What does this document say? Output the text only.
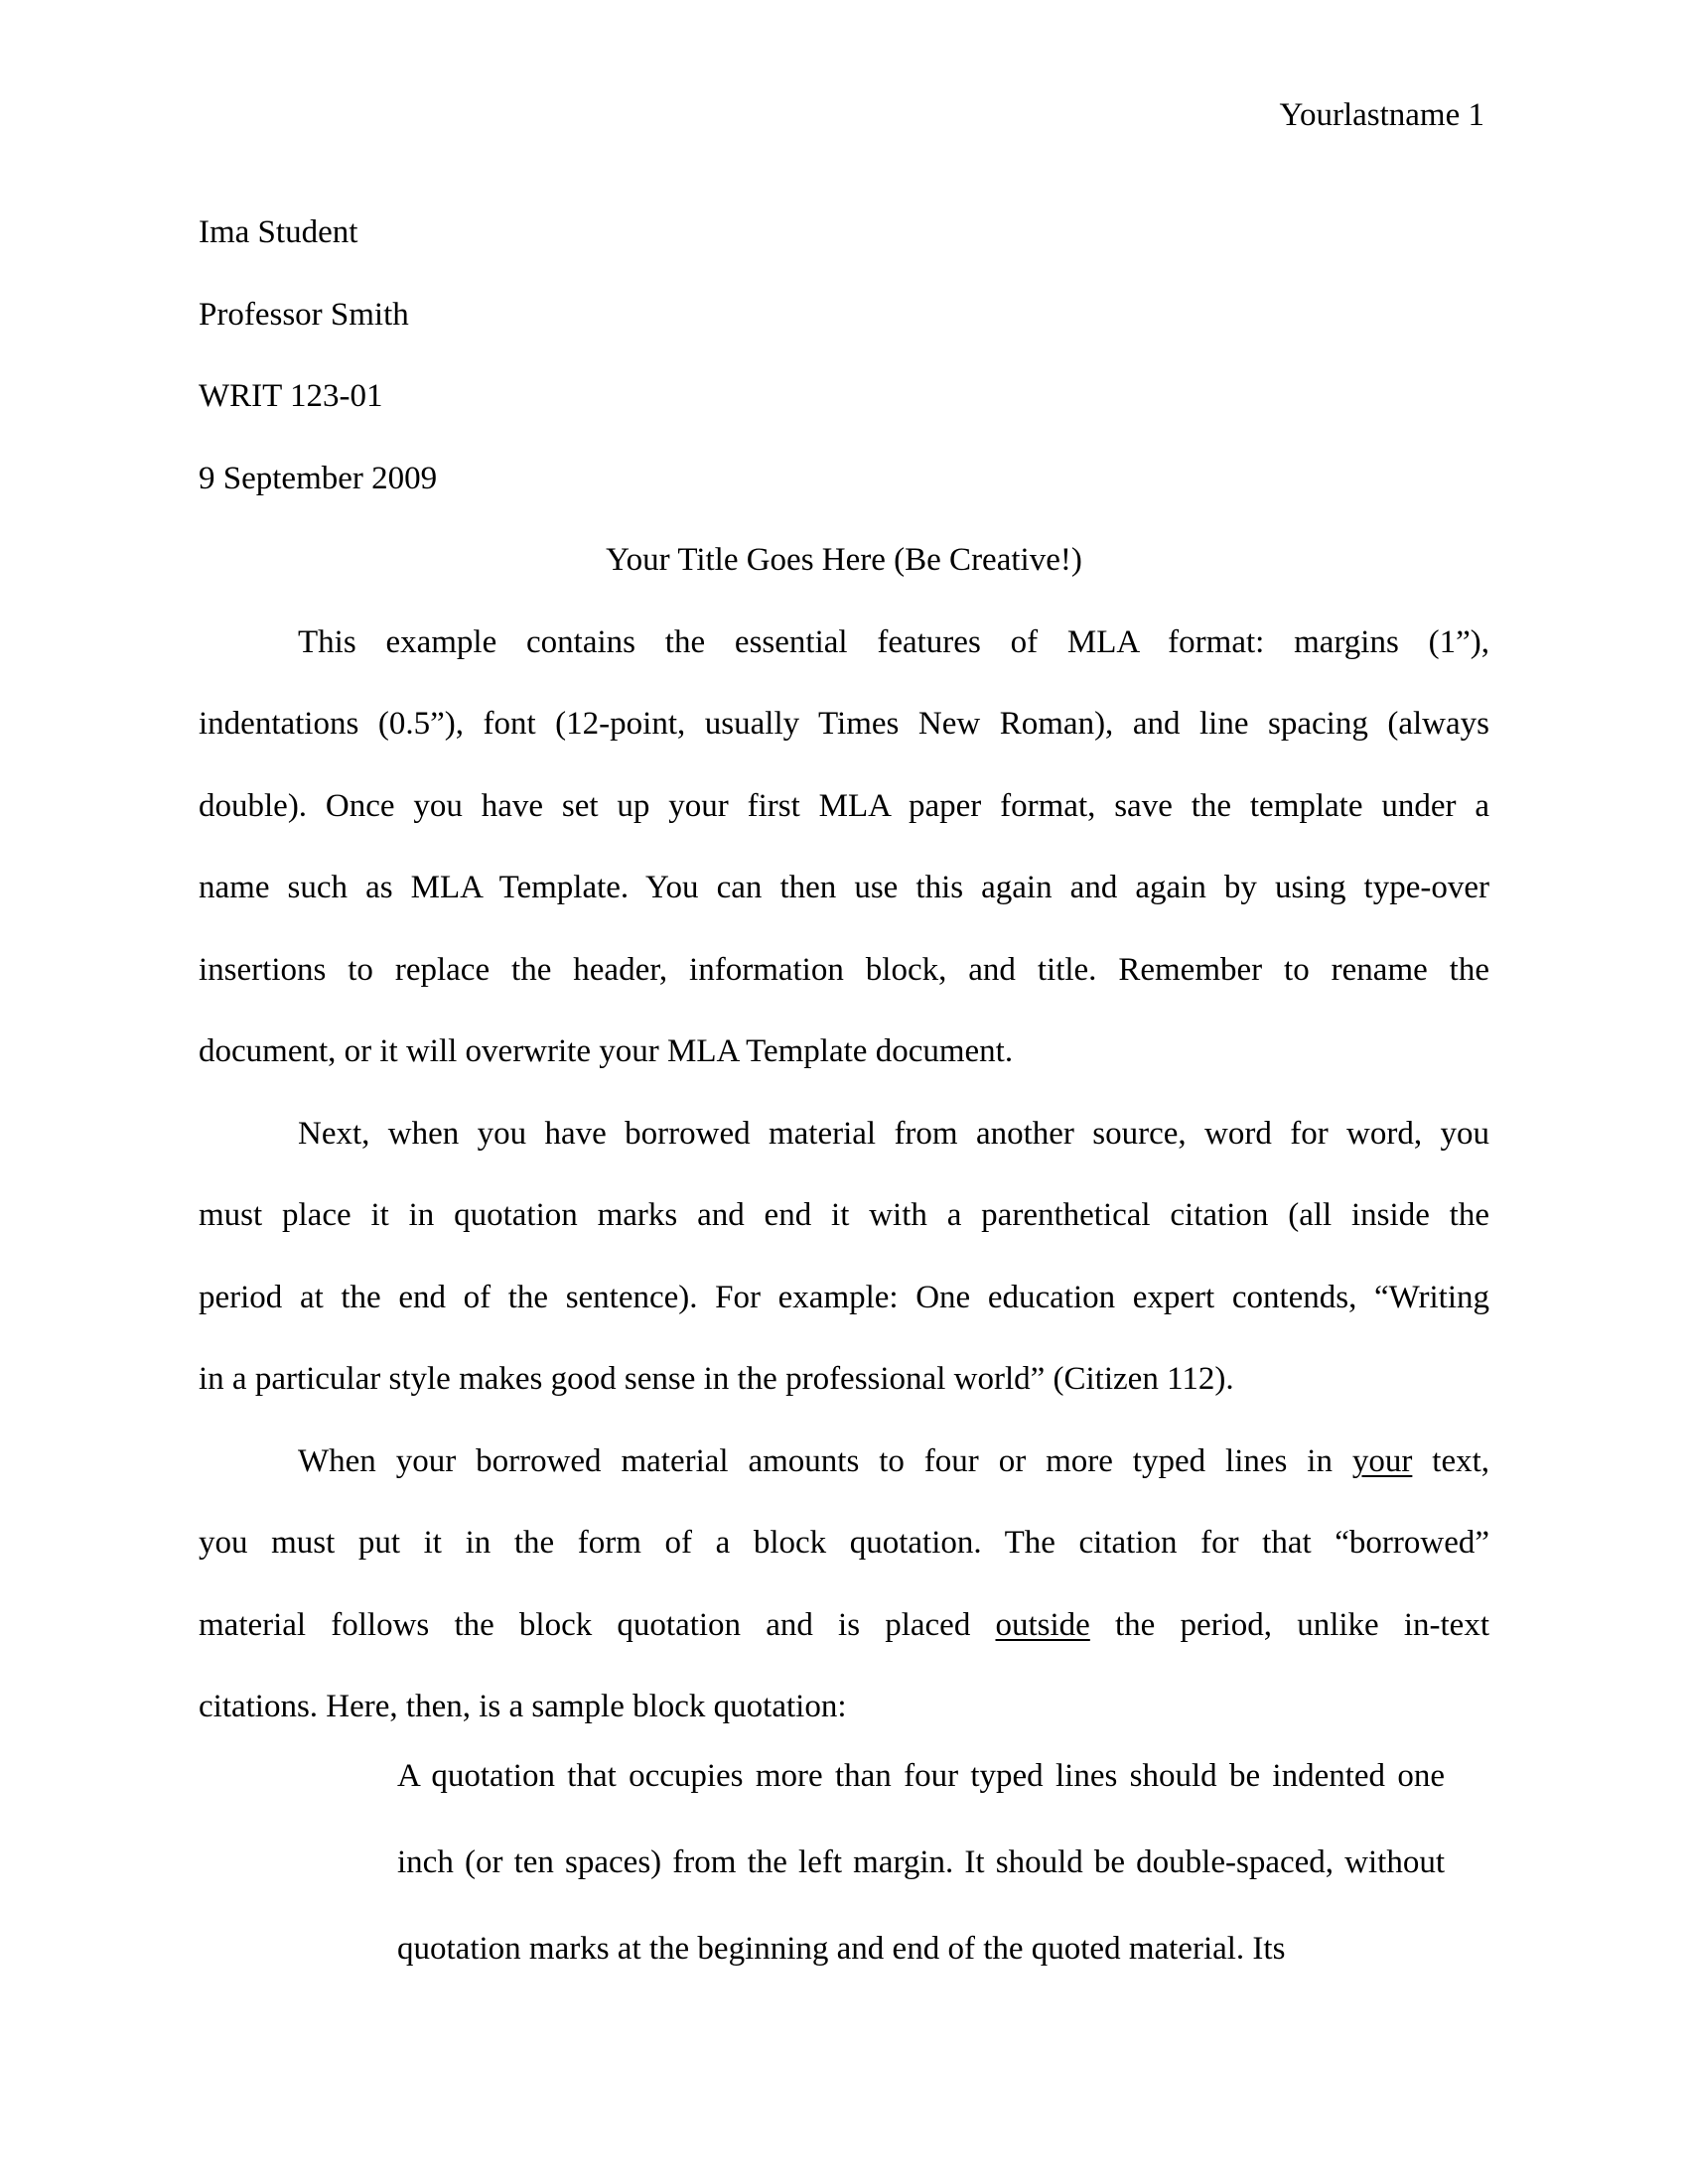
Yourlastname 1
Ima Student
Professor Smith
WRIT 123-01
9 September 2009
Your Title Goes Here (Be Creative!)
This example contains the essential features of MLA format: margins (1”),
indentations (0.5”), font (12-point, usually Times New Roman), and line spacing (always
double). Once you have set up your first MLA paper format, save the template under a
name such as MLA Template. You can then use this again and again by using type-over
insertions to replace the header, information block, and title. Remember to rename the
document, or it will overwrite your MLA Template document.
Next, when you have borrowed material from another source, word for word, you
must place it in quotation marks and end it with a parenthetical citation (all inside the
period at the end of the sentence). For example: One education expert contends, “Writing
in a particular style makes good sense in the professional world” (Citizen 112).
When your borrowed material amounts to four or more typed lines in your text,
you must put it in the form of a block quotation. The citation for that “borrowed”
material follows the block quotation and is placed outside the period, unlike in-text
citations. Here, then, is a sample block quotation:
A quotation that occupies more than four typed lines should be indented one
inch (or ten spaces) from the left margin. It should be double-spaced, without
quotation marks at the beginning and end of the quoted material. Its
